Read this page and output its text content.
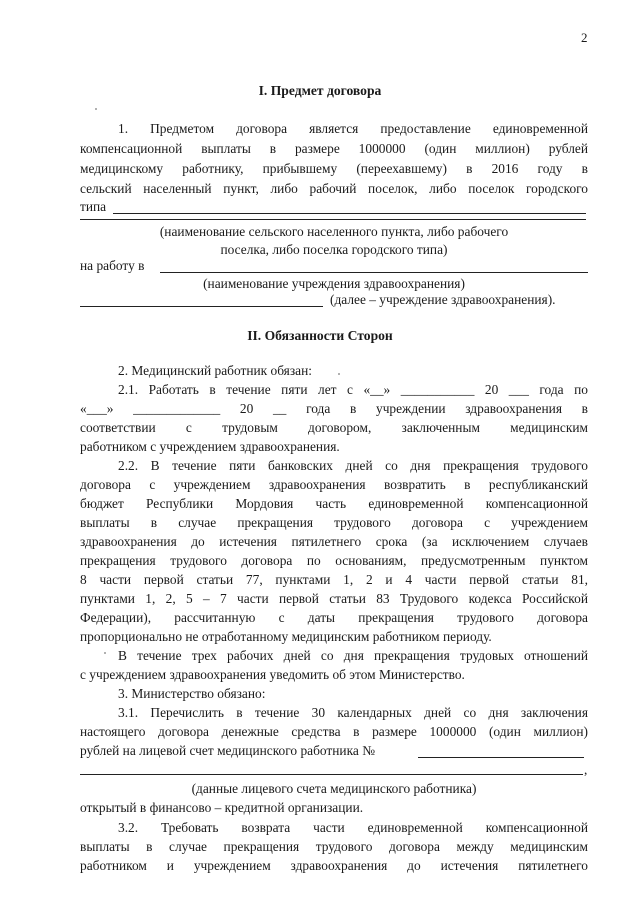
2
I. Предмет договора
1. Предметом договора является предоставление единовременной
компенсационной выплаты в размере 1000000 (один миллион) рублей
медицинскому работнику, прибывшему (переехавшему) в 2016 году в
сельский населенный пункт, либо рабочий поселок, либо поселок городского
типа
(наименование сельского населенного пункта, либо рабочего
поселка, либо поселка городского типа)
на работу в
(наименование учреждения здравоохранения)
(далее – учреждение здравоохранения).
II. Обязанности Сторон
2. Медицинский работник обязан:
2.1. Работать в течение пяти лет с «__» ___________ 20 ___ года по
«___» _____________ 20 __ года в учреждении здравоохранения в
соответствии с трудовым договором, заключенным медицинским
работником с учреждением здравоохранения.
2.2. В течение пяти банковских дней со дня прекращения трудового
договора с учреждением здравоохранения возвратить в республиканский
бюджет Республики Мордовия часть единовременной компенсационной
выплаты в случае прекращения трудового договора с учреждением
здравоохранения до истечения пятилетнего срока (за исключением случаев
прекращения трудового договора по основаниям, предусмотренным пунктом
8 части первой статьи 77, пунктами 1, 2 и 4 части первой статьи 81,
пунктами 1, 2, 5 – 7 части первой статьи 83 Трудового кодекса Российской
Федерации), рассчитанную с даты прекращения трудового договора
пропорционально не отработанному медицинским работником периоду.
В течение трех рабочих дней со дня прекращения трудовых отношений
с учреждением здравоохранения уведомить об этом Министерство.
3. Министерство обязано:
3.1. Перечислить в течение 30 календарных дней со дня заключения
настоящего договора денежные средства в размере 1000000 (один миллион)
рублей на лицевой счет медицинского работника №
,
(данные лицевого счета медицинского работника)
открытый в финансово – кредитной организации.
3.2. Требовать возврата части единовременной компенсационной
выплаты в случае прекращения трудового договора между медицинским
работником и учреждением здравоохранения до истечения пятилетнего
